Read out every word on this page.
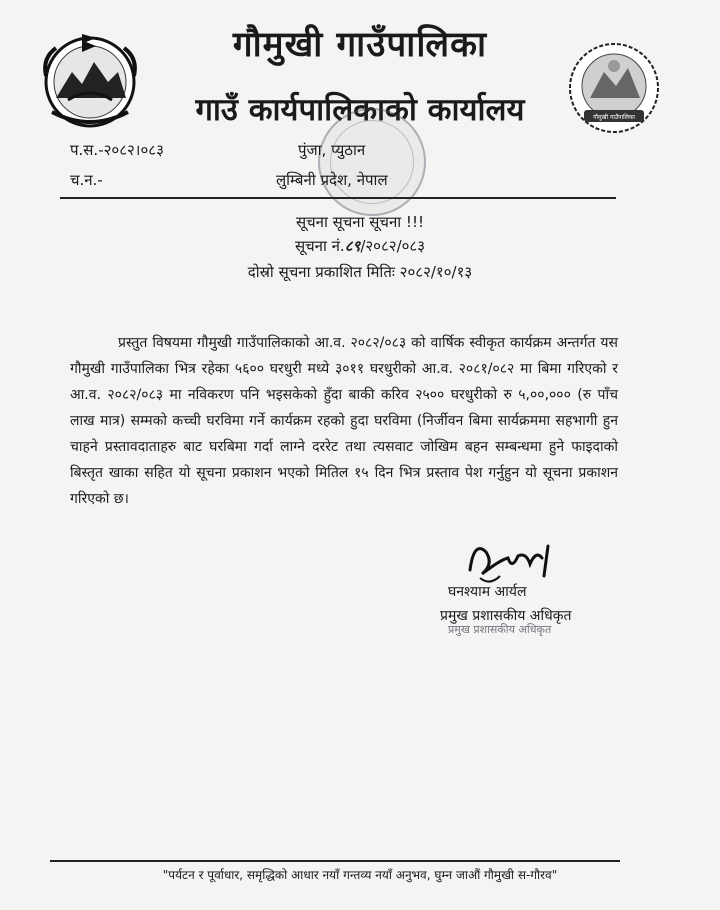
गौमुखी गाउँपालिका
गौमुखी गाउँपालिका
गाउँ कार्यपालिकाको कार्यालय
प.स.-२०८२।०८३
च.न.-
पुंजा, प्युठान
लुम्बिनी प्रदेश, नेपाल
सूचना सूचना सूचना !!!
सूचना नं.८९/२०८२/०८३
दोस्रो सूचना प्रकाशित मितिः २०८२/१०/१३

प्रस्तुत विषयमा गौमुखी गाउँपालिकाको आ.व. २०८२/०८३ को वार्षिक स्वीकृत कार्यक्रम अन्तर्गत यस गौमुखी गाउँपालिका भित्र रहेका ५६०० घरधुरी मध्ये ३०११ घरधुरीको आ.व. २०८१/०८२ मा बिमा गरिएको र आ.व. २०८२/०८३ मा नविकरण पनि भइसकेको हुँदा बाकी करिव २५०० घरधुरीको रु ५,००,००० (रु पाँच लाख मात्र) सम्मको कच्ची घरविमा गर्ने कार्यक्रम रहको हुदा घरविमा (निर्जीवन बिमा सार्यक्रममा सहभागी हुन चाहने प्रस्तावदाताहरु बाट घरबिमा गर्दा लाग्ने दररेट तथा त्यसवाट जोखिम बहन सम्बन्धमा हुने फाइदाको बिस्तृत खाका सहित यो सूचना प्रकाशन भएको मितिल १५ दिन भित्र प्रस्ताव पेश गर्नुहुन यो सूचना प्रकाशन गरिएको छ।

घनश्याम आर्यल
प्रमुख प्रशासकीय अधिकृत
प्रमुख प्रशासकीय अधिकृत
"पर्यटन र पूर्वाधार, समृद्धिको आधार नयाँ गन्तव्य नयाँ अनुभव, घुम्न जाऔं गौमुखी स-गौरव"
